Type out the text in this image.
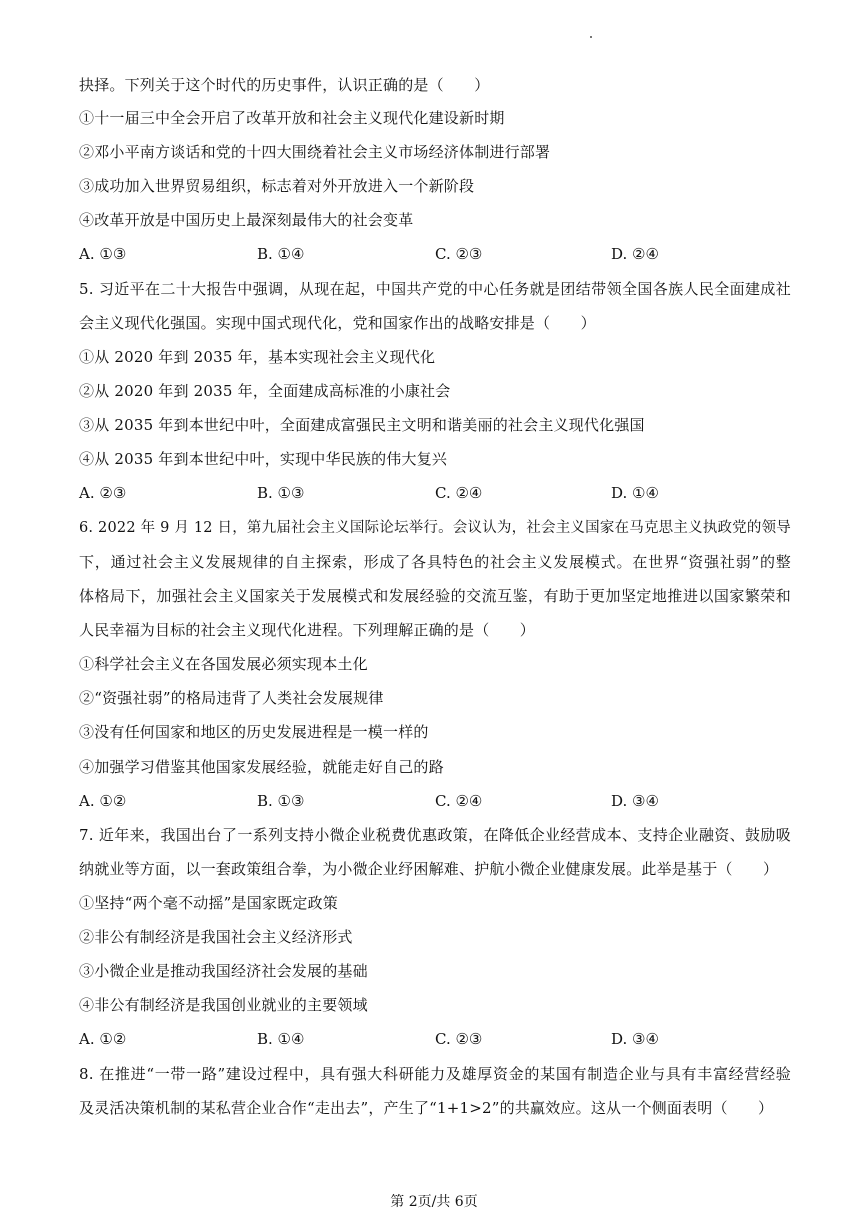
抉择。下列关于这个时代的历史事件，认识正确的是（　　）
①十一届三中全会开启了改革开放和社会主义现代化建设新时期
②邓小平南方谈话和党的十四大围绕着社会主义市场经济体制进行部署
③成功加入世界贸易组织，标志着对外开放进入一个新阶段
④改革开放是中国历史上最深刻最伟大的社会变革
A. ①③	B. ①④	C. ②③	D. ②④
5. 习近平在二十大报告中强调，从现在起，中国共产党的中心任务就是团结带领全国各族人民全面建成社
会主义现代化强国。实现中国式现代化，党和国家作出的战略安排是（　　）
①从 2020 年到 2035 年，基本实现社会主义现代化
②从 2020 年到 2035 年，全面建成高标准的小康社会
③从 2035 年到本世纪中叶，全面建成富强民主文明和谐美丽的社会主义现代化强国
④从 2035 年到本世纪中叶，实现中华民族的伟大复兴
A. ②③	B. ①③	C. ②④	D. ①④
6. 2022 年 9 月 12 日，第九届社会主义国际论坛举行。会议认为，社会主义国家在马克思主义执政党的领导
下，通过社会主义发展规律的自主探索，形成了各具特色的社会主义发展模式。在世界“资强社弱”的整
体格局下，加强社会主义国家关于发展模式和发展经验的交流互鉴，有助于更加坚定地推进以国家繁荣和
人民幸福为目标的社会主义现代化进程。下列理解正确的是（　　）
①科学社会主义在各国发展必须实现本土化
②“资强社弱”的格局违背了人类社会发展规律
③没有任何国家和地区的历史发展进程是一模一样的
④加强学习借鉴其他国家发展经验，就能走好自己的路
A. ①②	B. ①③	C. ②④	D. ③④
7. 近年来，我国出台了一系列支持小微企业税费优惠政策，在降低企业经营成本、支持企业融资、鼓励吸
纳就业等方面，以一套政策组合拳，为小微企业纾困解难、护航小微企业健康发展。此举是基于（　　）
①坚持“两个毫不动摇”是国家既定政策
②非公有制经济是我国社会主义经济形式
③小微企业是推动我国经济社会发展的基础
④非公有制经济是我国创业就业的主要领域
A. ①②	B. ①④	C. ②③	D. ③④
8. 在推进“一带一路”建设过程中，具有强大科研能力及雄厚资金的某国有制造企业与具有丰富经营经验
及灵活决策机制的某私营企业合作“走出去”，产生了“1+1>2”的共赢效应。这从一个侧面表明（　　）
第 2页/共 6页
